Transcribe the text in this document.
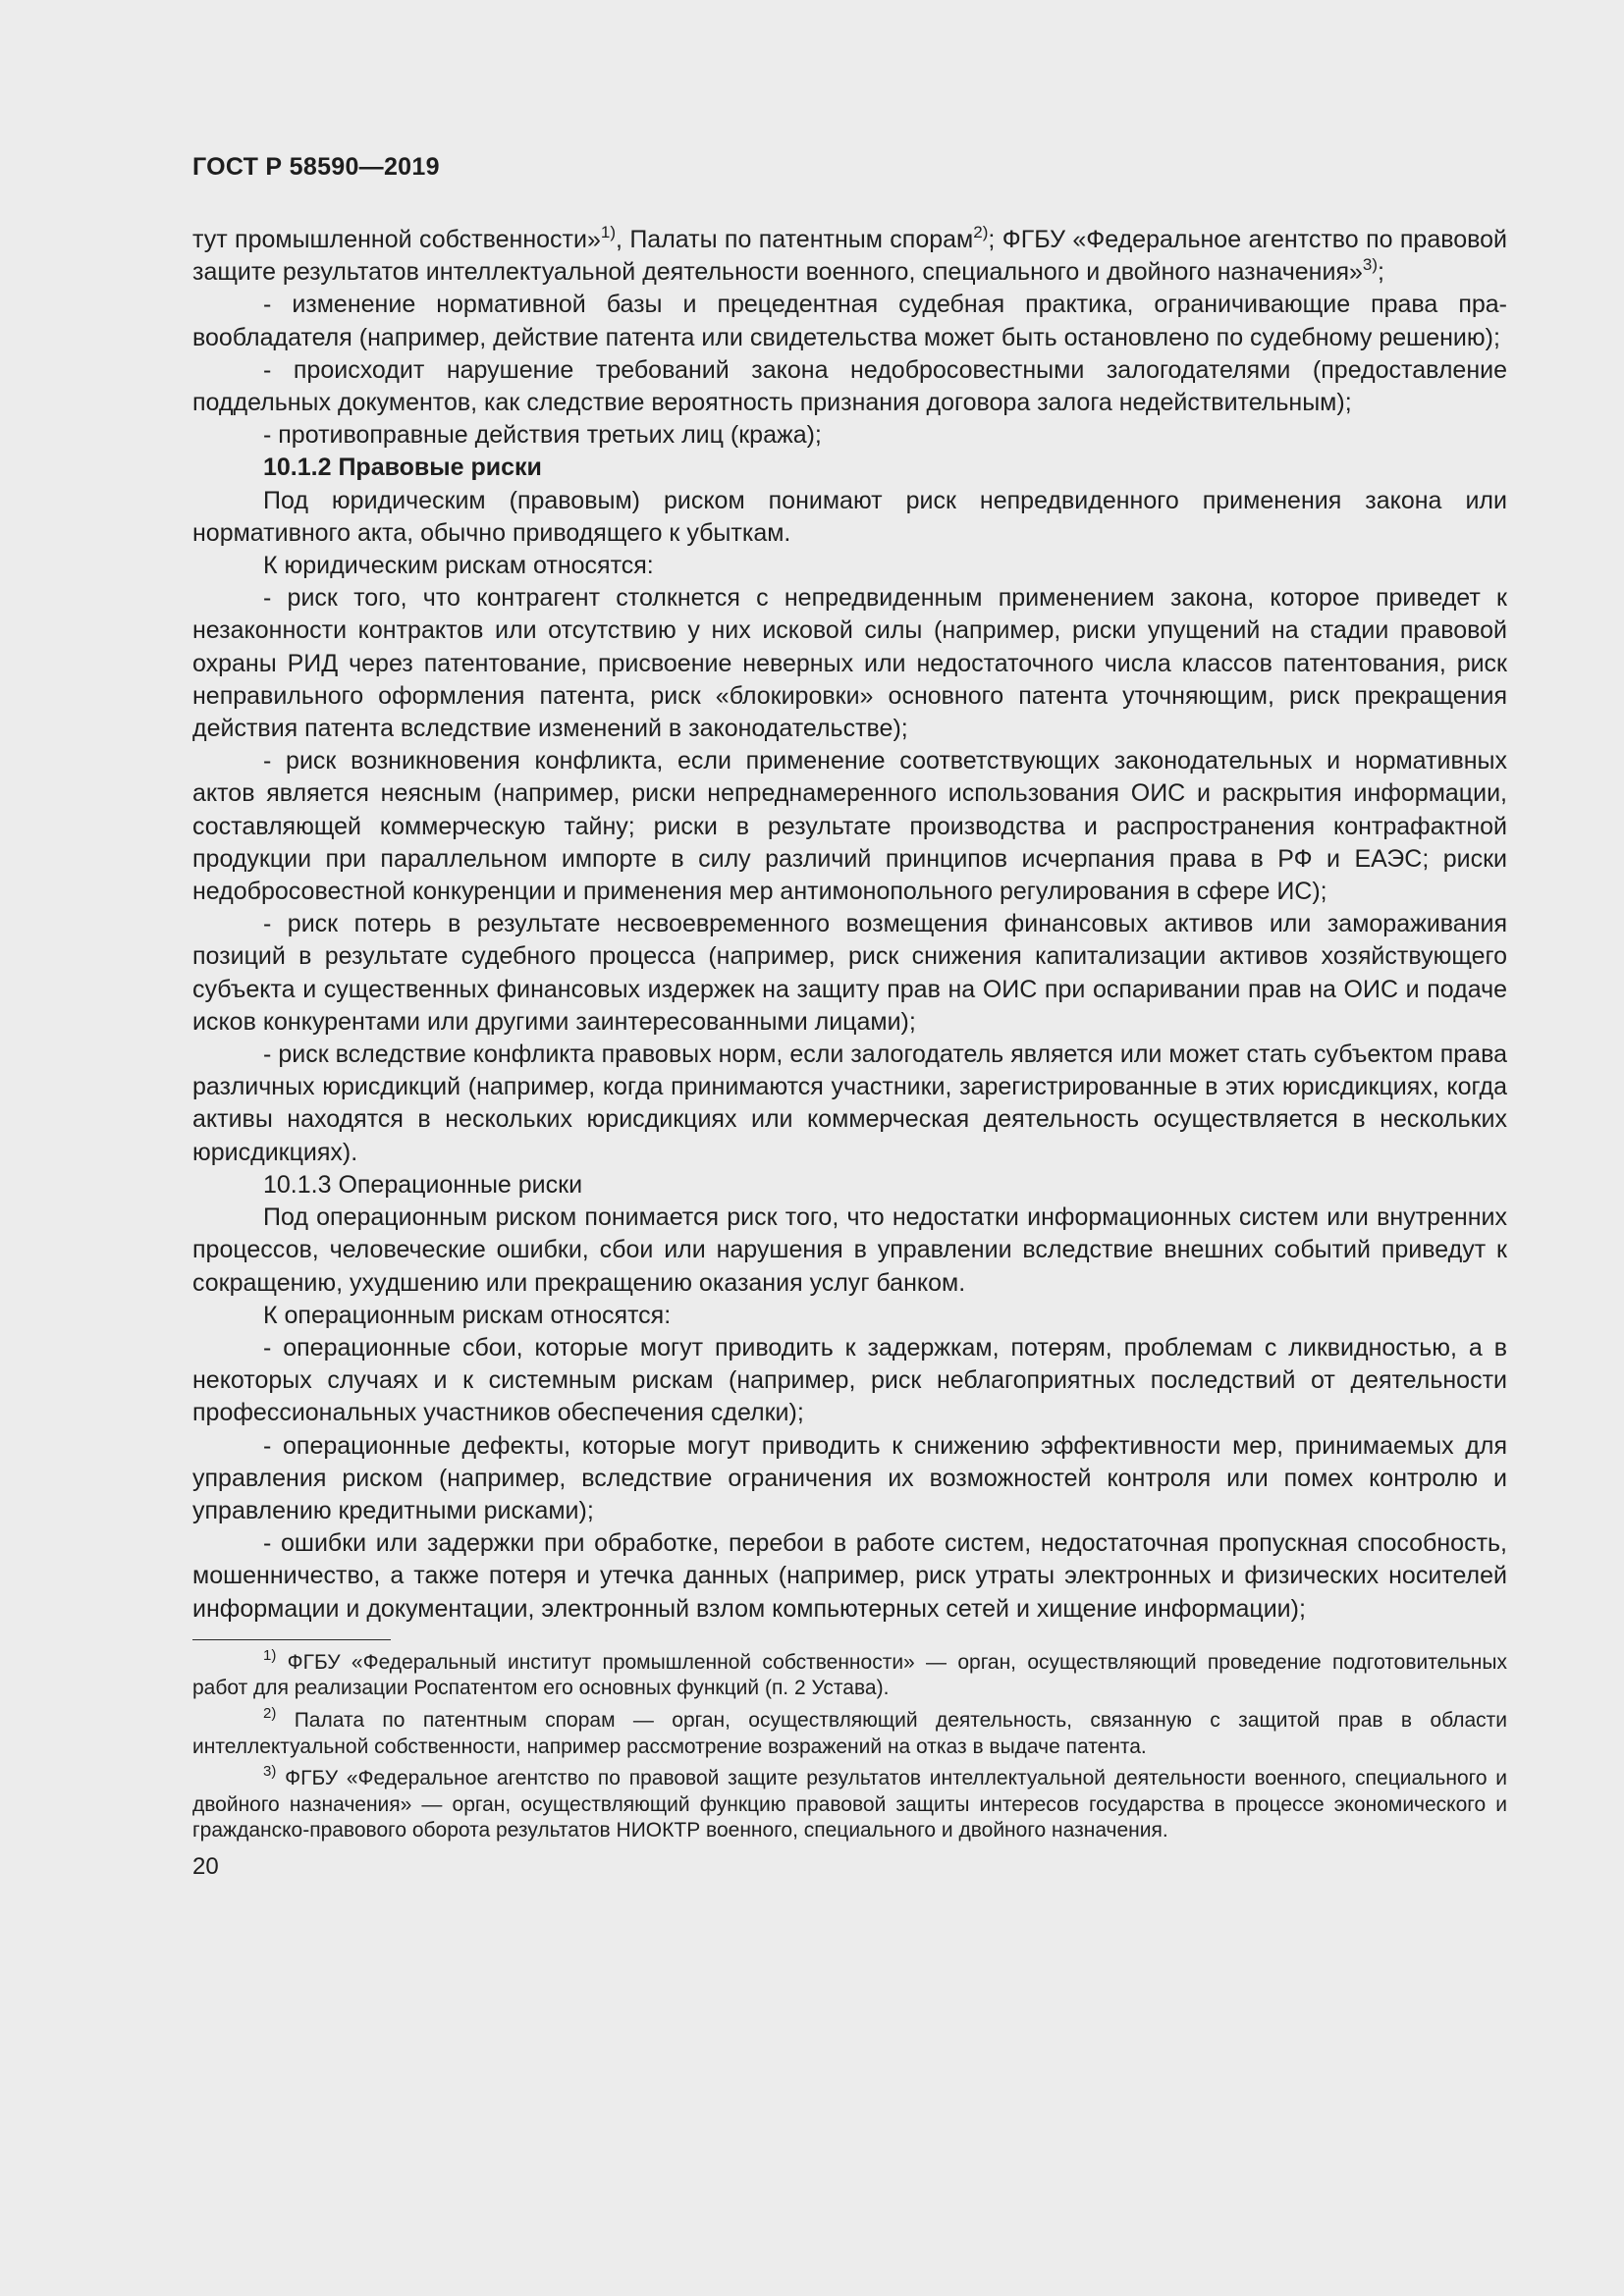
ГОСТ Р 58590—2019

тут промышленной собственности»$^{1)}$, Палаты по патентным спорам$^{2)}$; ФГБУ «Федеральное агентство по правовой защите результатов интеллектуальной деятельности военного, специального и двойного назначения»$^{3)}$;

- изменение нормативной базы и прецедентная судебная практика, ограничивающие права правообладателя (например, действие патента или свидетельства может быть остановлено по судебному решению);

- происходит нарушение требований закона недобросовестными залогодателями (предоставление поддельных документов, как следствие вероятность признания договора залога недействительным);

- противоправные действия третьих лиц (кража);

10.1.2 Правовые риски

Под юридическим (правовым) риском понимают риск непредвиденного применения закона или нормативного акта, обычно приводящего к убыткам.

К юридическим рискам относятся:

- риск того, что контрагент столкнется с непредвиденным применением закона, которое приведет к незаконности контрактов или отсутствию у них исковой силы (например, риски упущений на стадии правовой охраны РИД через патентование, присвоение неверных или недостаточного числа классов патентования, риск неправильного оформления патента, риск «блокировки» основного патента уточняющим, риск прекращения действия патента вследствие изменений в законодательстве);

- риск возникновения конфликта, если применение соответствующих законодательных и нормативных актов является неясным (например, риски непреднамеренного использования ОИС и раскрытия информации, составляющей коммерческую тайну; риски в результате производства и распространения контрафактной продукции при параллельном импорте в силу различий принципов исчерпания права в РФ и ЕАЭС; риски недобросовестной конкуренции и применения мер антимонопольного регулирования в сфере ИС);

- риск потерь в результате несвоевременного возмещения финансовых активов или замораживания позиций в результате судебного процесса (например, риск снижения капитализации активов хозяйствующего субъекта и существенных финансовых издержек на защиту прав на ОИС при оспаривании прав на ОИС и подаче исков конкурентами или другими заинтересованными лицами);

- риск вследствие конфликта правовых норм, если залогодатель является или может стать субъектом права различных юрисдикций (например, когда принимаются участники, зарегистрированные в этих юрисдикциях, когда активы находятся в нескольких юрисдикциях или коммерческая деятельность осуществляется в нескольких юрисдикциях).

10.1.3 Операционные риски

Под операционным риском понимается риск того, что недостатки информационных систем или внутренних процессов, человеческие ошибки, сбои или нарушения в управлении вследствие внешних событий приведут к сокращению, ухудшению или прекращению оказания услуг банком.

К операционным рискам относятся:

- операционные сбои, которые могут приводить к задержкам, потерям, проблемам с ликвидностью, а в некоторых случаях и к системным рискам (например, риск неблагоприятных последствий от деятельности профессиональных участников обеспечения сделки);

- операционные дефекты, которые могут приводить к снижению эффективности мер, принимаемых для управления риском (например, вследствие ограничения их возможностей контроля или помех контролю и управлению кредитными рисками);

- ошибки или задержки при обработке, перебои в работе систем, недостаточная пропускная способность, мошенничество, а также потеря и утечка данных (например, риск утраты электронных и физических носителей информации и документации, электронный взлом компьютерных сетей и хищение информации);

$^{1)}$ ФГБУ «Федеральный институт промышленной собственности» — орган, осуществляющий проведение подготовительных работ для реализации Роспатентом его основных функций (п. 2 Устава).

$^{2)}$ Палата по патентным спорам — орган, осуществляющий деятельность, связанную с защитой прав в области интеллектуальной собственности, например рассмотрение возражений на отказ в выдаче патента.

$^{3)}$ ФГБУ «Федеральное агентство по правовой защите результатов интеллектуальной деятельности военного, специального и двойного назначения» — орган, осуществляющий функцию правовой защиты интересов государства в процессе экономического и гражданско-правового оборота результатов НИОКТР военного, специального и двойного назначения.

20
